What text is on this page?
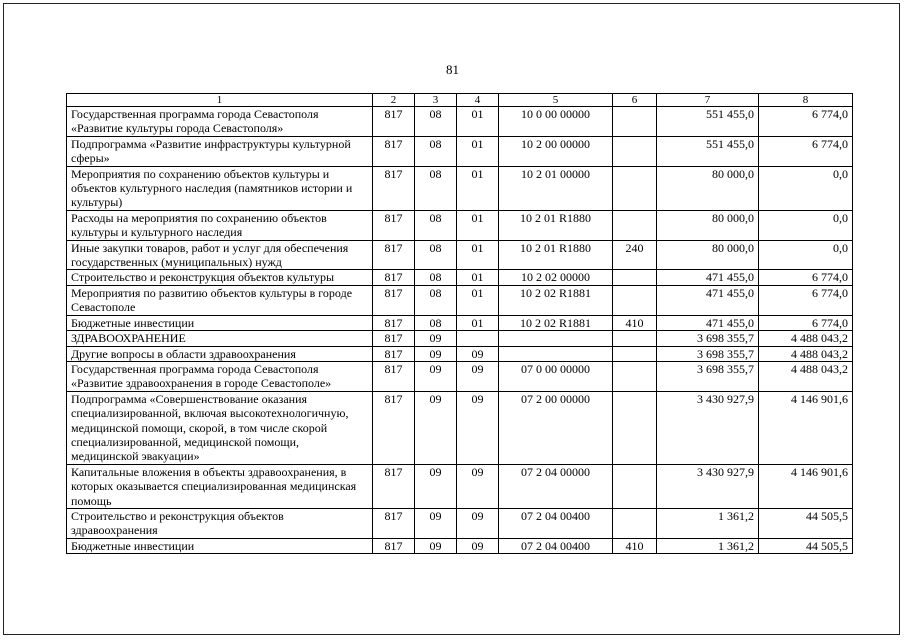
81
1	2	3	4	5	6	7	8
Государственная программа города Севастополя «Развитие культуры города Севастополя»	817	08	01	10 0 00 00000		551 455,0	6 774,0
Подпрограмма «Развитие инфраструктуры культурной сферы»	817	08	01	10 2 00 00000		551 455,0	6 774,0
Мероприятия по сохранению объектов культуры и объектов культурного наследия (памятников истории и культуры)	817	08	01	10 2 01 00000		80 000,0	0,0
Расходы на мероприятия по сохранению объектов культуры и культурного наследия	817	08	01	10 2 01 R1880		80 000,0	0,0
Иные закупки товаров, работ и услуг для обеспечения государственных (муниципальных) нужд	817	08	01	10 2 01 R1880	240	80 000,0	0,0
Строительство и реконструкция объектов культуры	817	08	01	10 2 02 00000		471 455,0	6 774,0
Мероприятия по развитию объектов культуры в городе Севастополе	817	08	01	10 2 02 R1881		471 455,0	6 774,0
Бюджетные инвестиции	817	08	01	10 2 02 R1881	410	471 455,0	6 774,0
ЗДРАВООХРАНЕНИЕ	817	09				3 698 355,7	4 488 043,2
Другие вопросы в области здравоохранения	817	09	09			3 698 355,7	4 488 043,2
Государственная программа города Севастополя «Развитие здравоохранения в городе Севастополе»	817	09	09	07 0 00 00000		3 698 355,7	4 488 043,2
Подпрограмма «Совершенствование оказания специализированной, включая высокотехнологичную, медицинской помощи, скорой, в том числе скорой специализированной, медицинской помощи, медицинской эвакуации»	817	09	09	07 2 00 00000		3 430 927,9	4 146 901,6
Капитальные вложения в объекты здравоохранения, в которых оказывается специализированная медицинская помощь	817	09	09	07 2 04 00000		3 430 927,9	4 146 901,6
Строительство и реконструкция объектов здравоохранения	817	09	09	07 2 04 00400		1 361,2	44 505,5
Бюджетные инвестиции	817	09	09	07 2 04 00400	410	1 361,2	44 505,5
